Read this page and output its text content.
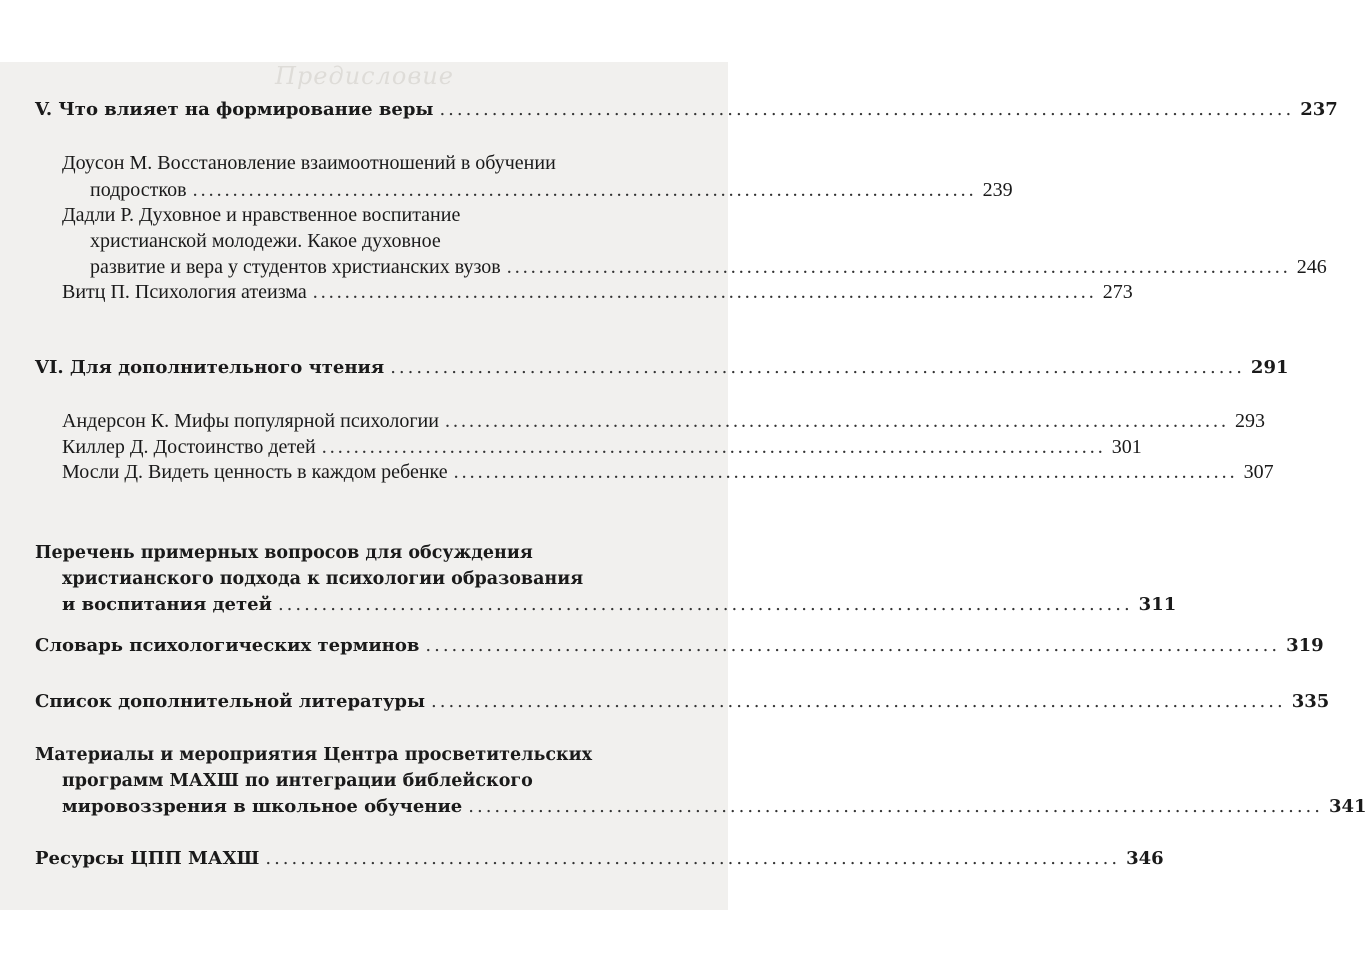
Предисловие
V. Что влияет на формирование веры .................................................................................................. 237
Доусон М. Восстановление взаимоотношений в обучении
подростков .................................................................................................. 239
Дадли Р. Духовное и нравственное воспитание
христианской молодежи. Какое духовное
развитие и вера у студентов христианских вузов .................................................................................................. 246
Витц П. Психология атеизма .................................................................................................. 273
VI. Для дополнительного чтения .................................................................................................. 291
Андерсон К. Мифы популярной психологии .................................................................................................. 293
Киллер Д. Достоинство детей .................................................................................................. 301
Мосли Д. Видеть ценность в каждом ребенке .................................................................................................. 307
Перечень примерных вопросов для обсуждения
христианского подхода к психологии образования
и воспитания детей .................................................................................................. 311
Словарь психологических терминов .................................................................................................. 319
Список дополнительной литературы .................................................................................................. 335
Материалы и мероприятия Центра просветительских
программ МАХШ по интеграции библейского
мировоззрения в школьное обучение .................................................................................................. 341
Ресурсы ЦПП МАХШ .................................................................................................. 346
